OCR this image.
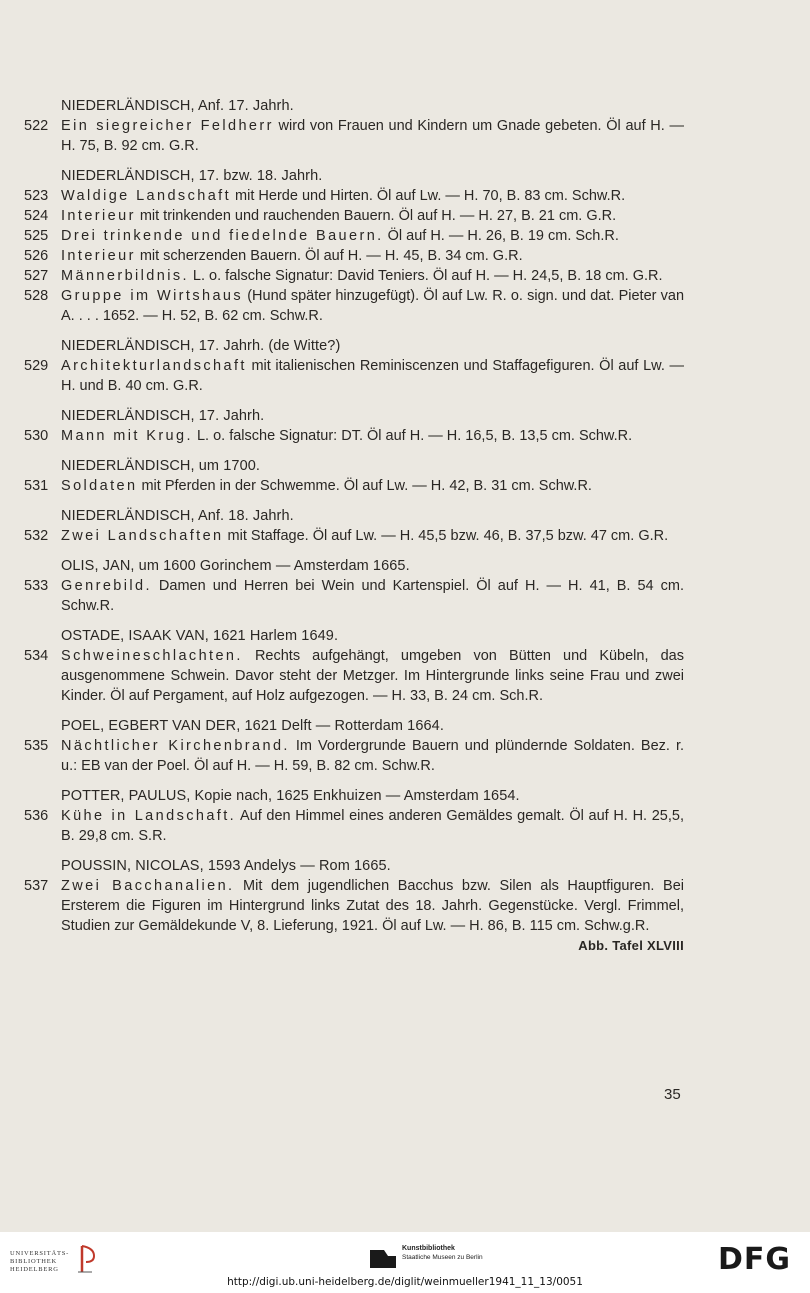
NIEDERLÄNDISCH, Anf. 17. Jahrh.
522 Ein siegreicher Feldherr wird von Frauen und Kindern um Gnade gebeten. Öl auf H. — H. 75, B. 92 cm. G.R.
NIEDERLÄNDISCH, 17. bzw. 18. Jahrh.
523 Waldige Landschaft mit Herde und Hirten. Öl auf Lw. — H. 70, B. 83 cm. Schw.R.
524 Interieur mit trinkenden und rauchenden Bauern. Öl auf H. — H. 27, B. 21 cm. G.R.
525 Drei trinkende und fiedelnde Bauern. Öl auf H. — H. 26, B. 19 cm. Sch.R.
526 Interieur mit scherzenden Bauern. Öl auf H. — H. 45, B. 34 cm. G.R.
527 Männerbildnis. L. o. falsche Signatur: David Teniers. Öl auf H. — H. 24,5, B. 18 cm. G.R.
528 Gruppe im Wirtshaus (Hund später hinzugefügt). Öl auf Lw. R. o. sign. und dat. Pieter van A. . . . 1652. — H. 52, B. 62 cm. Schw.R.
NIEDERLÄNDISCH, 17. Jahrh. (de Witte?)
529 Architekturlandschaft mit italienischen Reminiscenzen und Staffagefiguren. Öl auf Lw. — H. und B. 40 cm. G.R.
NIEDERLÄNDISCH, 17. Jahrh.
530 Mann mit Krug. L. o. falsche Signatur: DT. Öl auf H. — H. 16,5, B. 13,5 cm. Schw.R.
NIEDERLÄNDISCH, um 1700.
531 Soldaten mit Pferden in der Schwemme. Öl auf Lw. — H. 42, B. 31 cm. Schw.R.
NIEDERLÄNDISCH, Anf. 18. Jahrh.
532 Zwei Landschaften mit Staffage. Öl auf Lw. — H. 45,5 bzw. 46, B. 37,5 bzw. 47 cm. G.R.
OLIS, JAN, um 1600 Gorinchem — Amsterdam 1665.
533 Genrebild. Damen und Herren bei Wein und Kartenspiel. Öl auf H. — H. 41, B. 54 cm. Schw.R.
OSTADE, ISAAK VAN, 1621 Harlem 1649.
534 Schweineschlachten. Rechts aufgehängt, umgeben von Bütten und Kübeln, das ausgenommene Schwein. Davor steht der Metzger. Im Hintergrunde links seine Frau und zwei Kinder. Öl auf Pergament, auf Holz aufgezogen. — H. 33, B. 24 cm. Sch.R.
POEL, EGBERT VAN DER, 1621 Delft — Rotterdam 1664.
535 Nächtlicher Kirchenbrand. Im Vordergrunde Bauern und plündernde Soldaten. Bez. r. u.: EB van der Poel. Öl auf H. — H. 59, B. 82 cm. Schw.R.
POTTER, PAULUS, Kopie nach, 1625 Enkhuizen — Amsterdam 1654.
536 Kühe in Landschaft. Auf den Himmel eines anderen Gemäldes gemalt. Öl auf H. H. 25,5, B. 29,8 cm. S.R.
POUSSIN, NICOLAS, 1593 Andelys — Rom 1665.
537 Zwei Bacchanalien. Mit dem jugendlichen Bacchus bzw. Silen als Hauptfiguren. Bei Ersterem die Figuren im Hintergrund links Zutat des 18. Jahrh. Gegenstücke. Vergl. Frimmel, Studien zur Gemäldekunde V, 8. Lieferung, 1921. Öl auf Lw. — H. 86, B. 115 cm. Schw.g.R.
Abb. Tafel XLVIII
35
UNIVERSITÄTS-
BIBLIOTHEK
HEIDELBERG
Kunstbibliothek
Staatliche Museen zu Berlin	DFG
http://digi.ub.uni-heidelberg.de/diglit/weinmueller1941_11_13/0051
